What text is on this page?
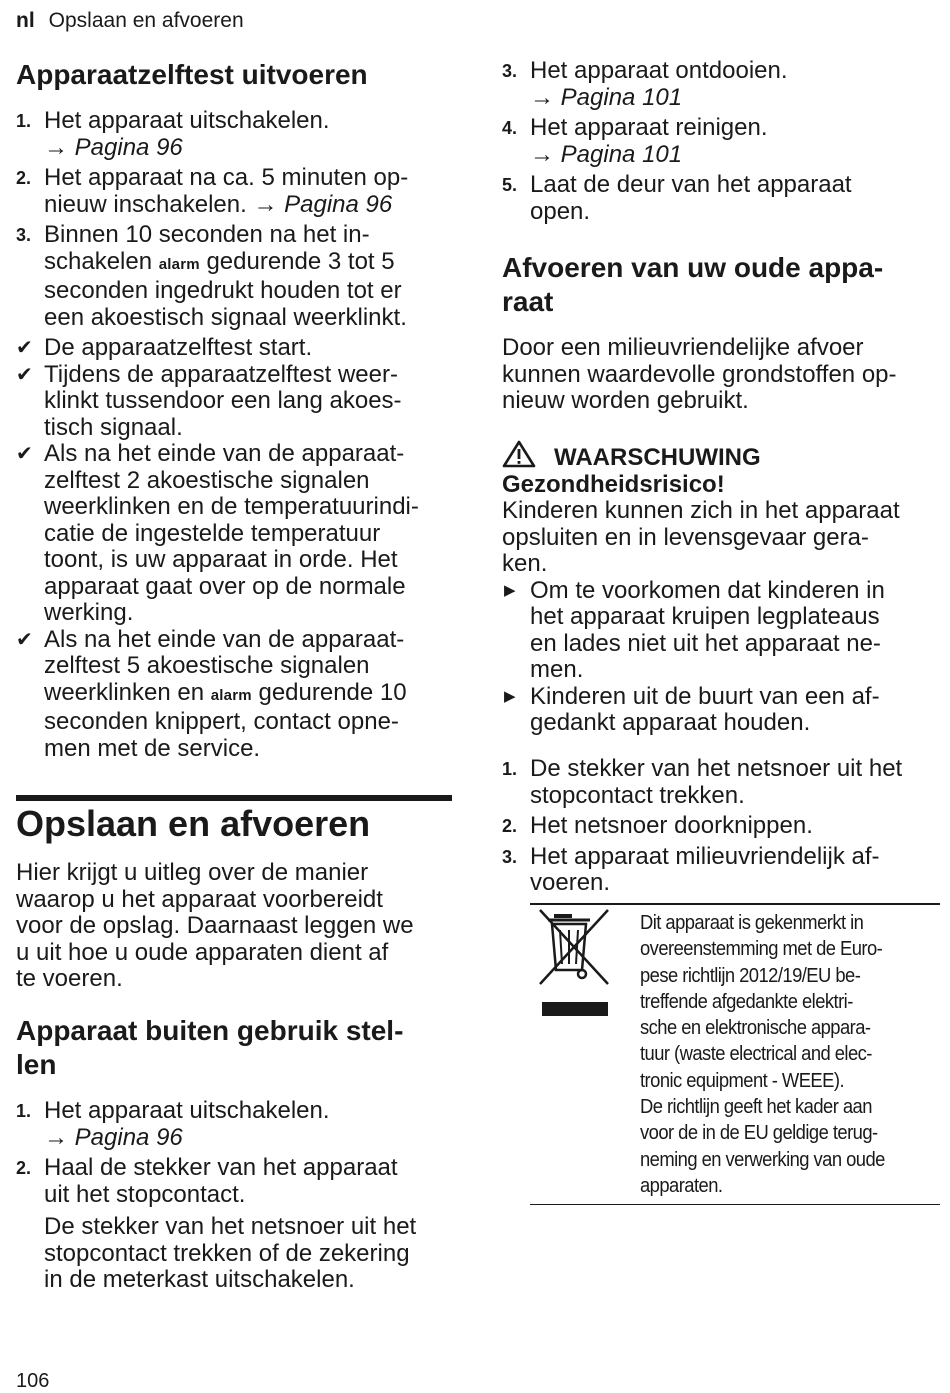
nl Opslaan en afvoeren
Apparaatzelftest uitvoeren
1. Het apparaat uitschakelen.
→ Pagina 96
2. Het apparaat na ca. 5 minuten op-
nieuw inschakelen. → Pagina 96
3. Binnen 10 seconden na het in-
schakelen alarm gedurende 3 tot 5
seconden ingedrukt houden tot er
een akoestisch signaal weerklinkt.
✔ De apparaatzelftest start.
✔ Tijdens de apparaatzelftest weer-
klinkt tussendoor een lang akoes-
tisch signaal.
✔ Als na het einde van de apparaat-
zelftest 2 akoestische signalen
weerklinken en de temperatuurindi-
catie de ingestelde temperatuur
toont, is uw apparaat in orde. Het
apparaat gaat over op de normale
werking.
✔ Als na het einde van de apparaat-
zelftest 5 akoestische signalen
weerklinken en alarm gedurende 10
seconden knippert, contact opne-
men met de service.
Opslaan en afvoeren
Hier krijgt u uitleg over de manier
waarop u het apparaat voorbereidt
voor de opslag. Daarnaast leggen we
u uit hoe u oude apparaten dient af
te voeren.
Apparaat buiten gebruik stel-
len
1. Het apparaat uitschakelen.
→ Pagina 96
2. Haal de stekker van het apparaat
uit het stopcontact.
De stekker van het netsnoer uit het
stopcontact trekken of de zekering
in de meterkast uitschakelen.
106
3. Het apparaat ontdooien.
→ Pagina 101
4. Het apparaat reinigen.
→ Pagina 101
5. Laat de deur van het apparaat
open.
Afvoeren van uw oude appa-
raat
Door een milieuvriendelijke afvoer
kunnen waardevolle grondstoffen op-
nieuw worden gebruikt.
WAARSCHUWING
Gezondheidsrisico!
Kinderen kunnen zich in het apparaat
opsluiten en in levensgevaar gera-
ken.
▶ Om te voorkomen dat kinderen in
het apparaat kruipen legplateaus
en lades niet uit het apparaat ne-
men.
▶ Kinderen uit de buurt van een af-
gedankt apparaat houden.
1. De stekker van het netsnoer uit het
stopcontact trekken.
2. Het netsnoer doorknippen.
3. Het apparaat milieuvriendelijk af-
voeren.
Dit apparaat is gekenmerkt in
overeenstemming met de Euro-
pese richtlijn 2012/19/EU be-
treffende afgedankte elektri-
sche en elektronische appara-
tuur (waste electrical and elec-
tronic equipment - WEEE).
De richtlijn geeft het kader aan
voor de in de EU geldige terug-
neming en verwerking van oude
apparaten.
